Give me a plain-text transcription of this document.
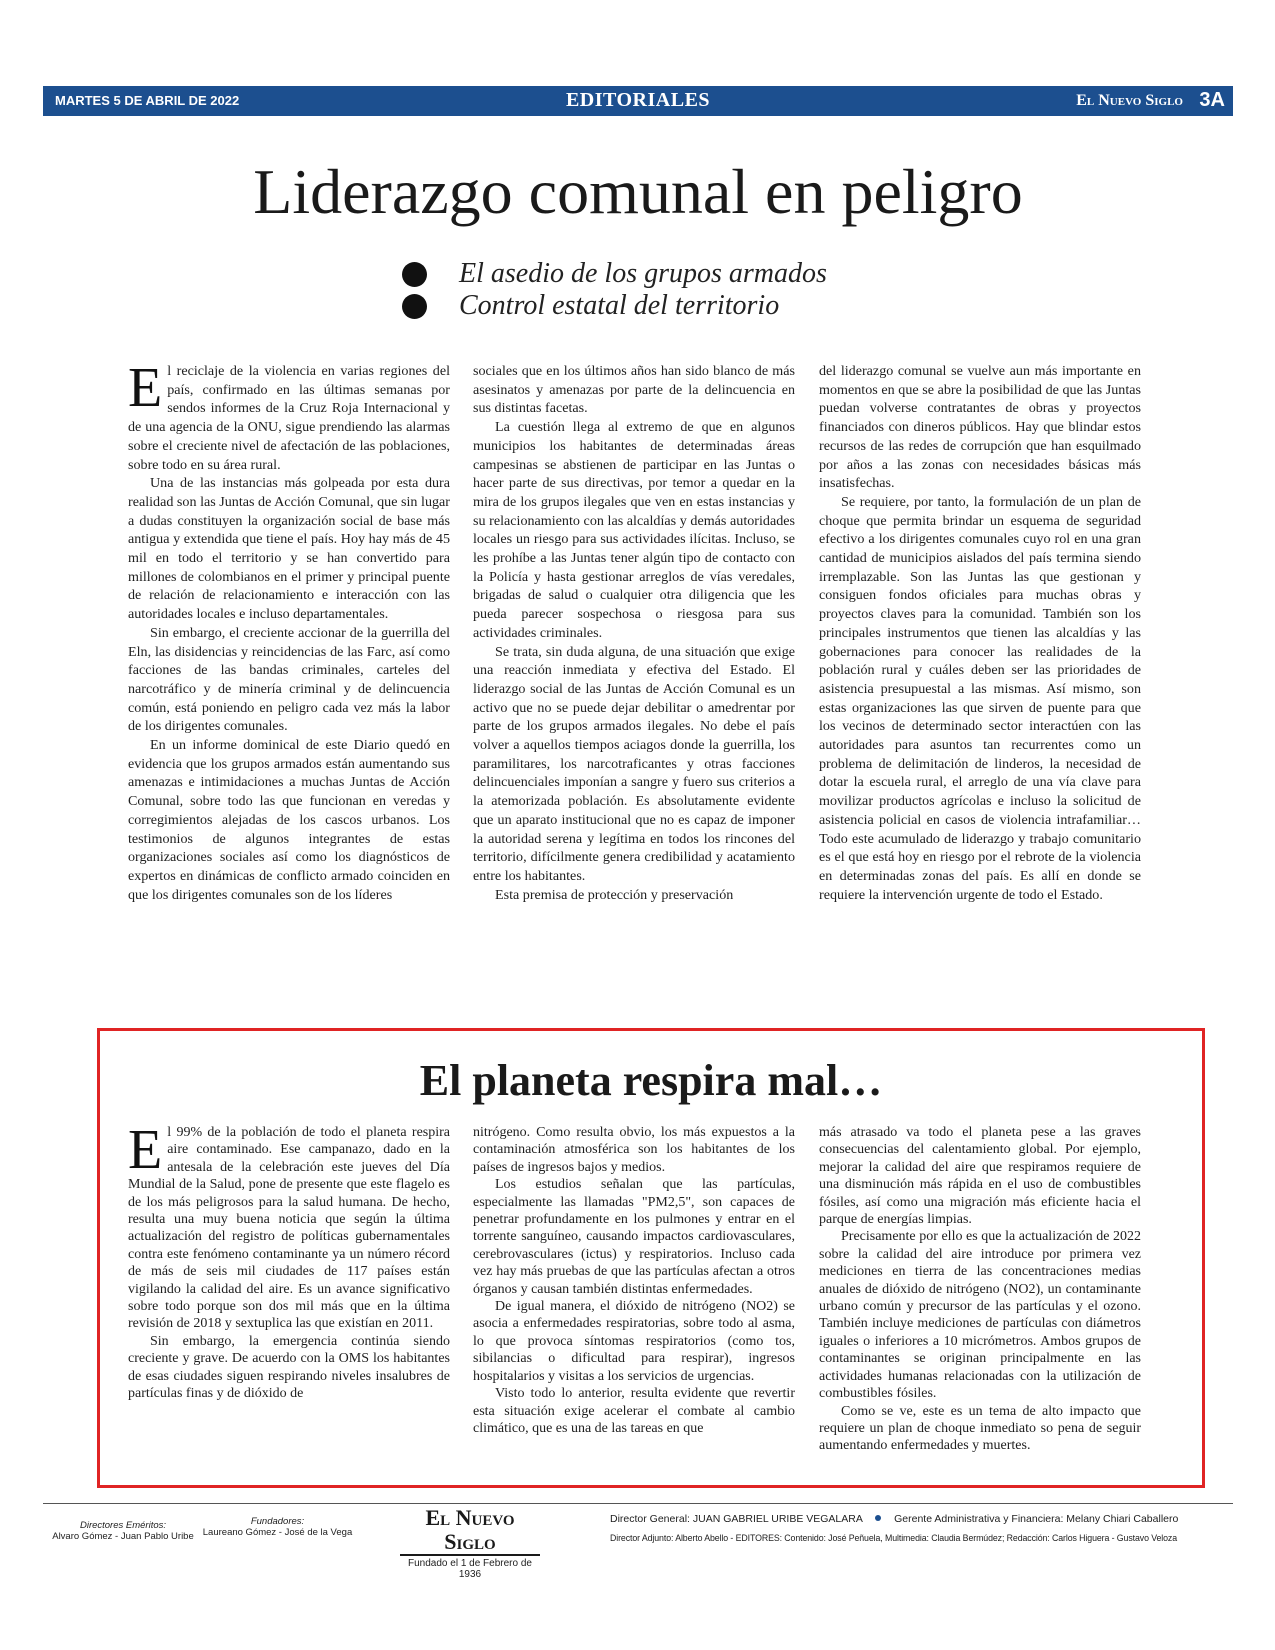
MARTES 5 DE ABRIL DE 2022	EDITORIALES	El Nuevo Siglo 3A
Liderazgo comunal en peligro
El asedio de los grupos armados
Control estatal del territorio

El reciclaje de la violencia en varias regiones del país, confirmado en las últimas semanas por sendos informes de la Cruz Roja Internacional y de una agencia de la ONU, sigue prendiendo las alarmas sobre el creciente nivel de afectación de las poblaciones, sobre todo en su área rural.

Una de las instancias más golpeada por esta dura realidad son las Juntas de Acción Comunal, que sin lugar a dudas constituyen la organización social de base más antigua y extendida que tiene el país. Hoy hay más de 45 mil en todo el territorio y se han convertido para millones de colombianos en el primer y principal puente de relación de relacionamiento e interacción con las autoridades locales e incluso departamentales.

Sin embargo, el creciente accionar de la guerrilla del Eln, las disidencias y reincidencias de las Farc, así como facciones de las bandas criminales, carteles del narcotráfico y de minería criminal y de delincuencia común, está poniendo en peligro cada vez más la labor de los dirigentes comunales.

En un informe dominical de este Diario quedó en evidencia que los grupos armados están aumentando sus amenazas e intimidaciones a muchas Juntas de Acción Comunal, sobre todo las que funcionan en veredas y corregimientos alejadas de los cascos urbanos. Los testimonios de algunos integrantes de estas organizaciones sociales así como los diagnósticos de expertos en dinámicas de conflicto armado coinciden en que los dirigentes comunales son de los líderes

sociales que en los últimos años han sido blanco de más asesinatos y amenazas por parte de la delincuencia en sus distintas facetas.

La cuestión llega al extremo de que en algunos municipios los habitantes de determinadas áreas campesinas se abstienen de participar en las Juntas o hacer parte de sus directivas, por temor a quedar en la mira de los grupos ilegales que ven en estas instancias y su relacionamiento con las alcaldías y demás autoridades locales un riesgo para sus actividades ilícitas. Incluso, se les prohíbe a las Juntas tener algún tipo de contacto con la Policía y hasta gestionar arreglos de vías veredales, brigadas de salud o cualquier otra diligencia que les pueda parecer sospechosa o riesgosa para sus actividades criminales.

Se trata, sin duda alguna, de una situación que exige una reacción inmediata y efectiva del Estado. El liderazgo social de las Juntas de Acción Comunal es un activo que no se puede dejar debilitar o amedrentar por parte de los grupos armados ilegales. No debe el país volver a aquellos tiempos aciagos donde la guerrilla, los paramilitares, los narcotraficantes y otras facciones delincuenciales imponían a sangre y fuero sus criterios a la atemorizada población. Es absolutamente evidente que un aparato institucional que no es capaz de imponer la autoridad serena y legítima en todos los rincones del territorio, difícilmente genera credibilidad y acatamiento entre los habitantes.

Esta premisa de protección y preservación

del liderazgo comunal se vuelve aun más importante en momentos en que se abre la posibilidad de que las Juntas puedan volverse contratantes de obras y proyectos financiados con dineros públicos. Hay que blindar estos recursos de las redes de corrupción que han esquilmado por años a las zonas con necesidades básicas más insatisfechas.

Se requiere, por tanto, la formulación de un plan de choque que permita brindar un esquema de seguridad efectivo a los dirigentes comunales cuyo rol en una gran cantidad de municipios aislados del país termina siendo irremplazable. Son las Juntas las que gestionan y consiguen fondos oficiales para muchas obras y proyectos claves para la comunidad. También son los principales instrumentos que tienen las alcaldías y las gobernaciones para conocer las realidades de la población rural y cuáles deben ser las prioridades de asistencia presupuestal a las mismas. Así mismo, son estas organizaciones las que sirven de puente para que los vecinos de determinado sector interactúen con las autoridades para asuntos tan recurrentes como un problema de delimitación de linderos, la necesidad de dotar la escuela rural, el arreglo de una vía clave para movilizar productos agrícolas e incluso la solicitud de asistencia policial en casos de violencia intrafamiliar… Todo este acumulado de liderazgo y trabajo comunitario es el que está hoy en riesgo por el rebrote de la violencia en determinadas zonas del país. Es allí en donde se requiere la intervención urgente de todo el Estado.

El planeta respira mal…

El 99% de la población de todo el planeta respira aire contaminado. Ese campanazo, dado en la antesala de la celebración este jueves del Día Mundial de la Salud, pone de presente que este flagelo es de los más peligrosos para la salud humana. De hecho, resulta una muy buena noticia que según la última actualización del registro de políticas gubernamentales contra este fenómeno contaminante ya un número récord de más de seis mil ciudades de 117 países están vigilando la calidad del aire. Es un avance significativo sobre todo porque son dos mil más que en la última revisión de 2018 y sextuplica las que existían en 2011.

Sin embargo, la emergencia continúa siendo creciente y grave. De acuerdo con la OMS los habitantes de esas ciudades siguen respirando niveles insalubres de partículas finas y de dióxido de

nitrógeno. Como resulta obvio, los más expuestos a la contaminación atmosférica son los habitantes de los países de ingresos bajos y medios.

Los estudios señalan que las partículas, especialmente las llamadas "PM2,5", son capaces de penetrar profundamente en los pulmones y entrar en el torrente sanguíneo, causando impactos cardiovasculares, cerebrovasculares (ictus) y respiratorios. Incluso cada vez hay más pruebas de que las partículas afectan a otros órganos y causan también distintas enfermedades.

De igual manera, el dióxido de nitrógeno (NO2) se asocia a enfermedades respiratorias, sobre todo al asma, lo que provoca síntomas respiratorios (como tos, sibilancias o dificultad para respirar), ingresos hospitalarios y visitas a los servicios de urgencias.

Visto todo lo anterior, resulta evidente que revertir esta situación exige acelerar el combate al cambio climático, que es una de las tareas en que

más atrasado va todo el planeta pese a las graves consecuencias del calentamiento global. Por ejemplo, mejorar la calidad del aire que respiramos requiere de una disminución más rápida en el uso de combustibles fósiles, así como una migración más eficiente hacia el parque de energías limpias.

Precisamente por ello es que la actualización de 2022 sobre la calidad del aire introduce por primera vez mediciones en tierra de las concentraciones medias anuales de dióxido de nitrógeno (NO2), un contaminante urbano común y precursor de las partículas y el ozono. También incluye mediciones de partículas con diámetros iguales o inferiores a 10 micrómetros. Ambos grupos de contaminantes se originan principalmente en las actividades humanas relacionadas con la utilización de combustibles fósiles.

Como se ve, este es un tema de alto impacto que requiere un plan de choque inmediato so pena de seguir aumentando enfermedades y muertes.

Directores Eméritos:
Alvaro Gómez - Juan Pablo Uribe
Fundadores:
Laureano Gómez - José de la Vega
El Nuevo Siglo
Fundado el 1 de Febrero de 1936
Director General: JUAN GABRIEL URIBE VEGALARA	Gerente Administrativa y Financiera: Melany Chiari Caballero
Director Adjunto: Alberto Abello - EDITORES: Contenido: José Peñuela, Multimedia: Claudia Bermúdez; Redacción: Carlos Higuera - Gustavo Veloza
